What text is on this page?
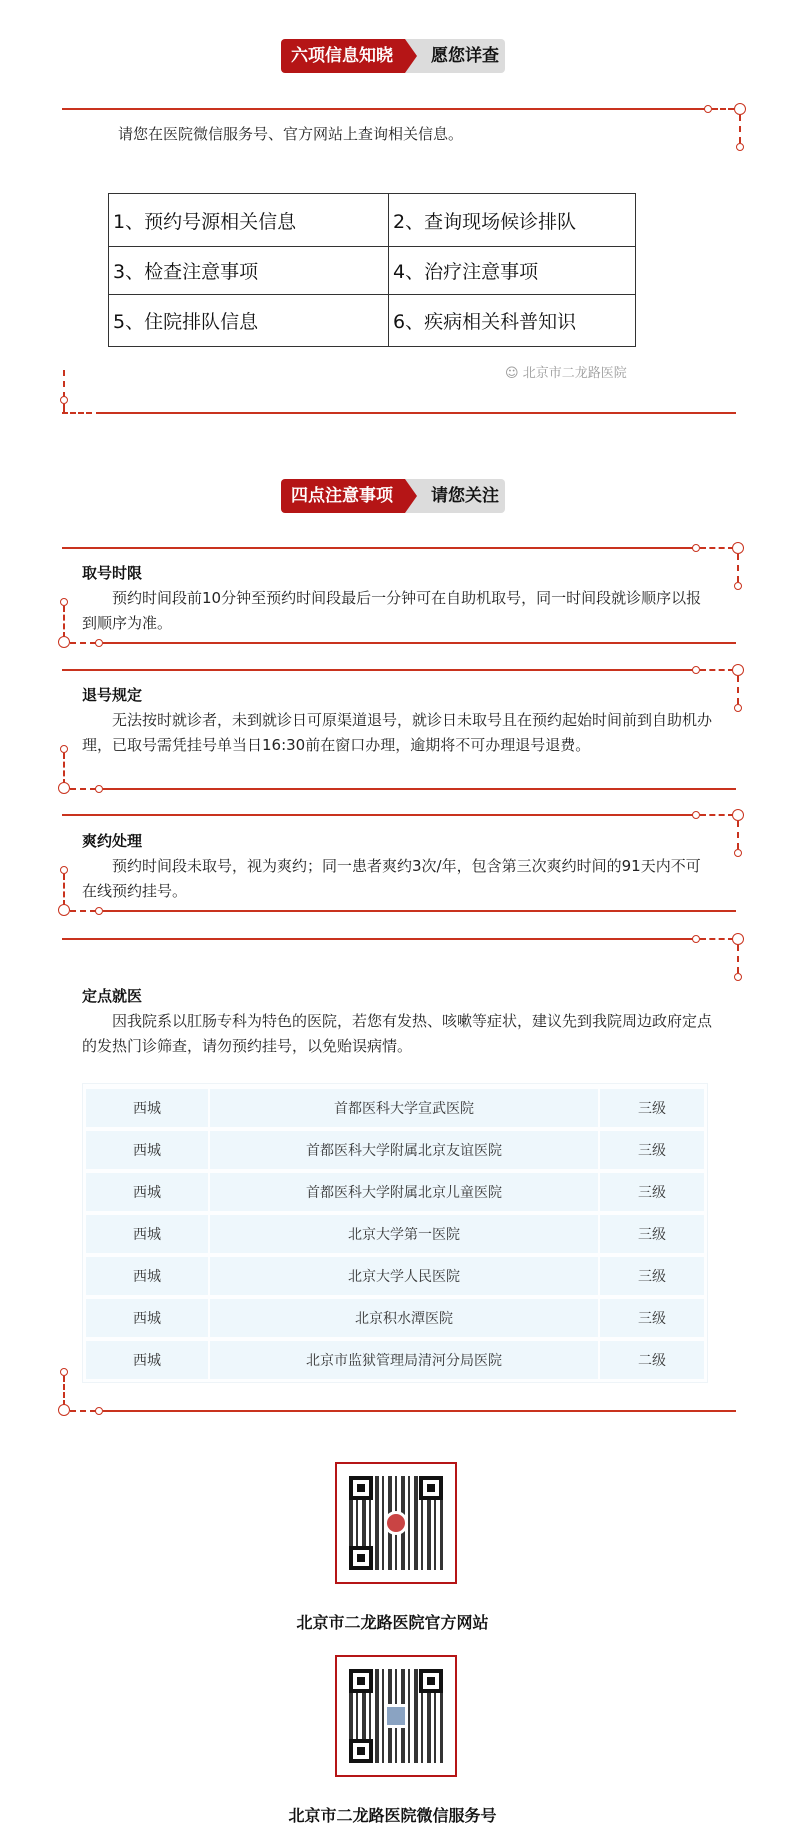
六项信息知晓	愿您详查
请您在医院微信服务号、官方网站上查询相关信息。
1、预约号源相关信息	2、查询现场候诊排队
3、检查注意事项	4、治疗注意事项
5、住院排队信息	6、疾病相关科普知识
☺ 北京市二龙路医院
四点注意事项	请您关注
取号时限
预约时间段前10分钟至预约时间段最后一分钟可在自助机取号，同一时间段就诊顺序以报到顺序为准。
退号规定
无法按时就诊者，未到就诊日可原渠道退号，就诊日未取号且在预约起始时间前到自助机办理，已取号需凭挂号单当日16:30前在窗口办理，逾期将不可办理退号退费。
爽约处理
预约时间段未取号，视为爽约；同一患者爽约3次/年，包含第三次爽约时间的91天内不可在线预约挂号。
定点就医
因我院系以肛肠专科为特色的医院，若您有发热、咳嗽等症状，建议先到我院周边政府定点的发热门诊筛查，请勿预约挂号，以免贻误病情。
西城	首都医科大学宣武医院	三级
西城	首都医科大学附属北京友谊医院	三级
西城	首都医科大学附属北京儿童医院	三级
西城	北京大学第一医院	三级
西城	北京大学人民医院	三级
西城	北京积水潭医院	三级
西城	北京市监狱管理局清河分局医院	二级
北京市二龙路医院官方网站
北京市二龙路医院微信服务号
